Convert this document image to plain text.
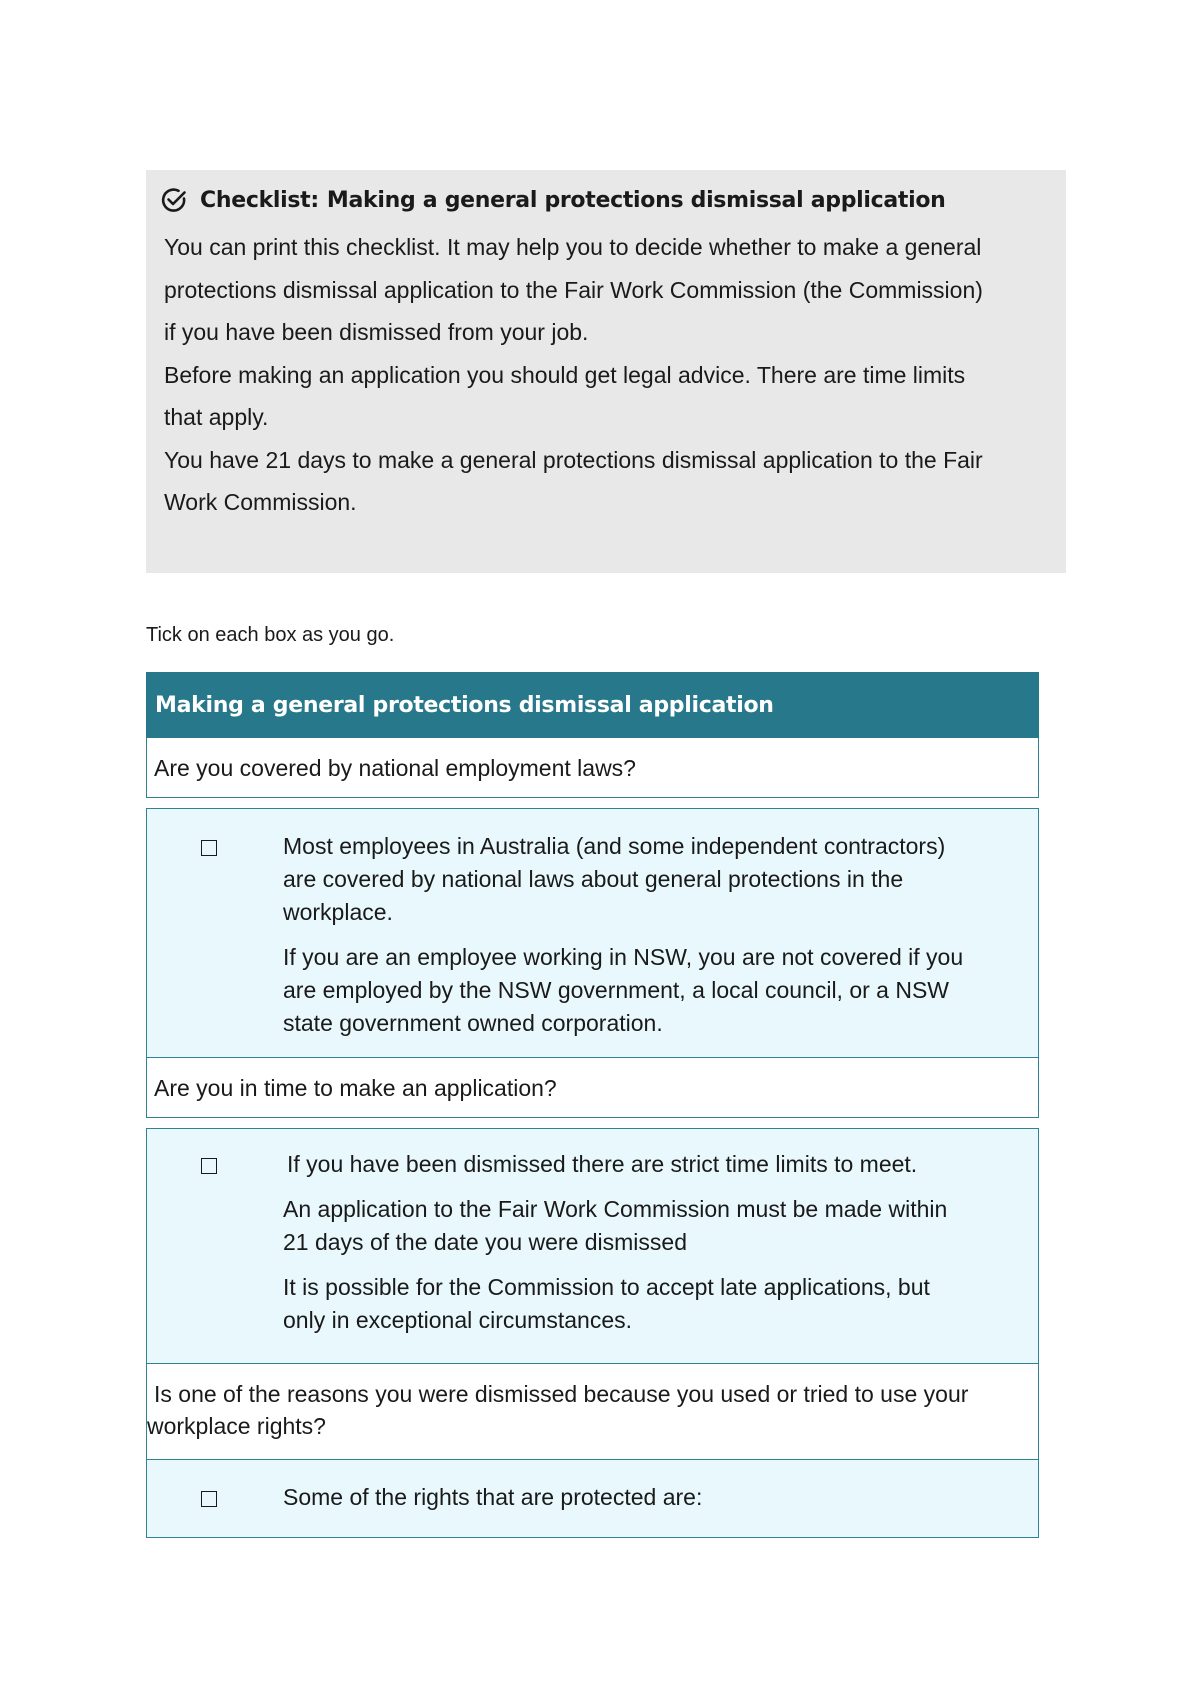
Checklist: Making a general protections dismissal application

You can print this checklist. It may help you to decide whether to make a general

protections dismissal application to the Fair Work Commission (the Commission)

if you have been dismissed from your job.

Before making an application you should get legal advice. There are time limits

that apply.

You have 21 days to make a general protections dismissal application to the Fair

Work Commission.

Tick on each box as you go.
Making a general protections dismissal application
Are you covered by national employment laws?

Most employees in Australia (and some independent contractors)

are covered by national laws about general protections in the

workplace.

If you are an employee working in NSW, you are not covered if you

are employed by the NSW government, a local council, or a NSW

state government owned corporation.

Are you in time to make an application?

If you have been dismissed there are strict time limits to meet.

An application to the Fair Work Commission must be made within

21 days of the date you were dismissed

It is possible for the Commission to accept late applications, but

only in exceptional circumstances.

Is one of the reasons you were dismissed because you used or tried to use your
workplace rights?

Some of the rights that are protected are:
